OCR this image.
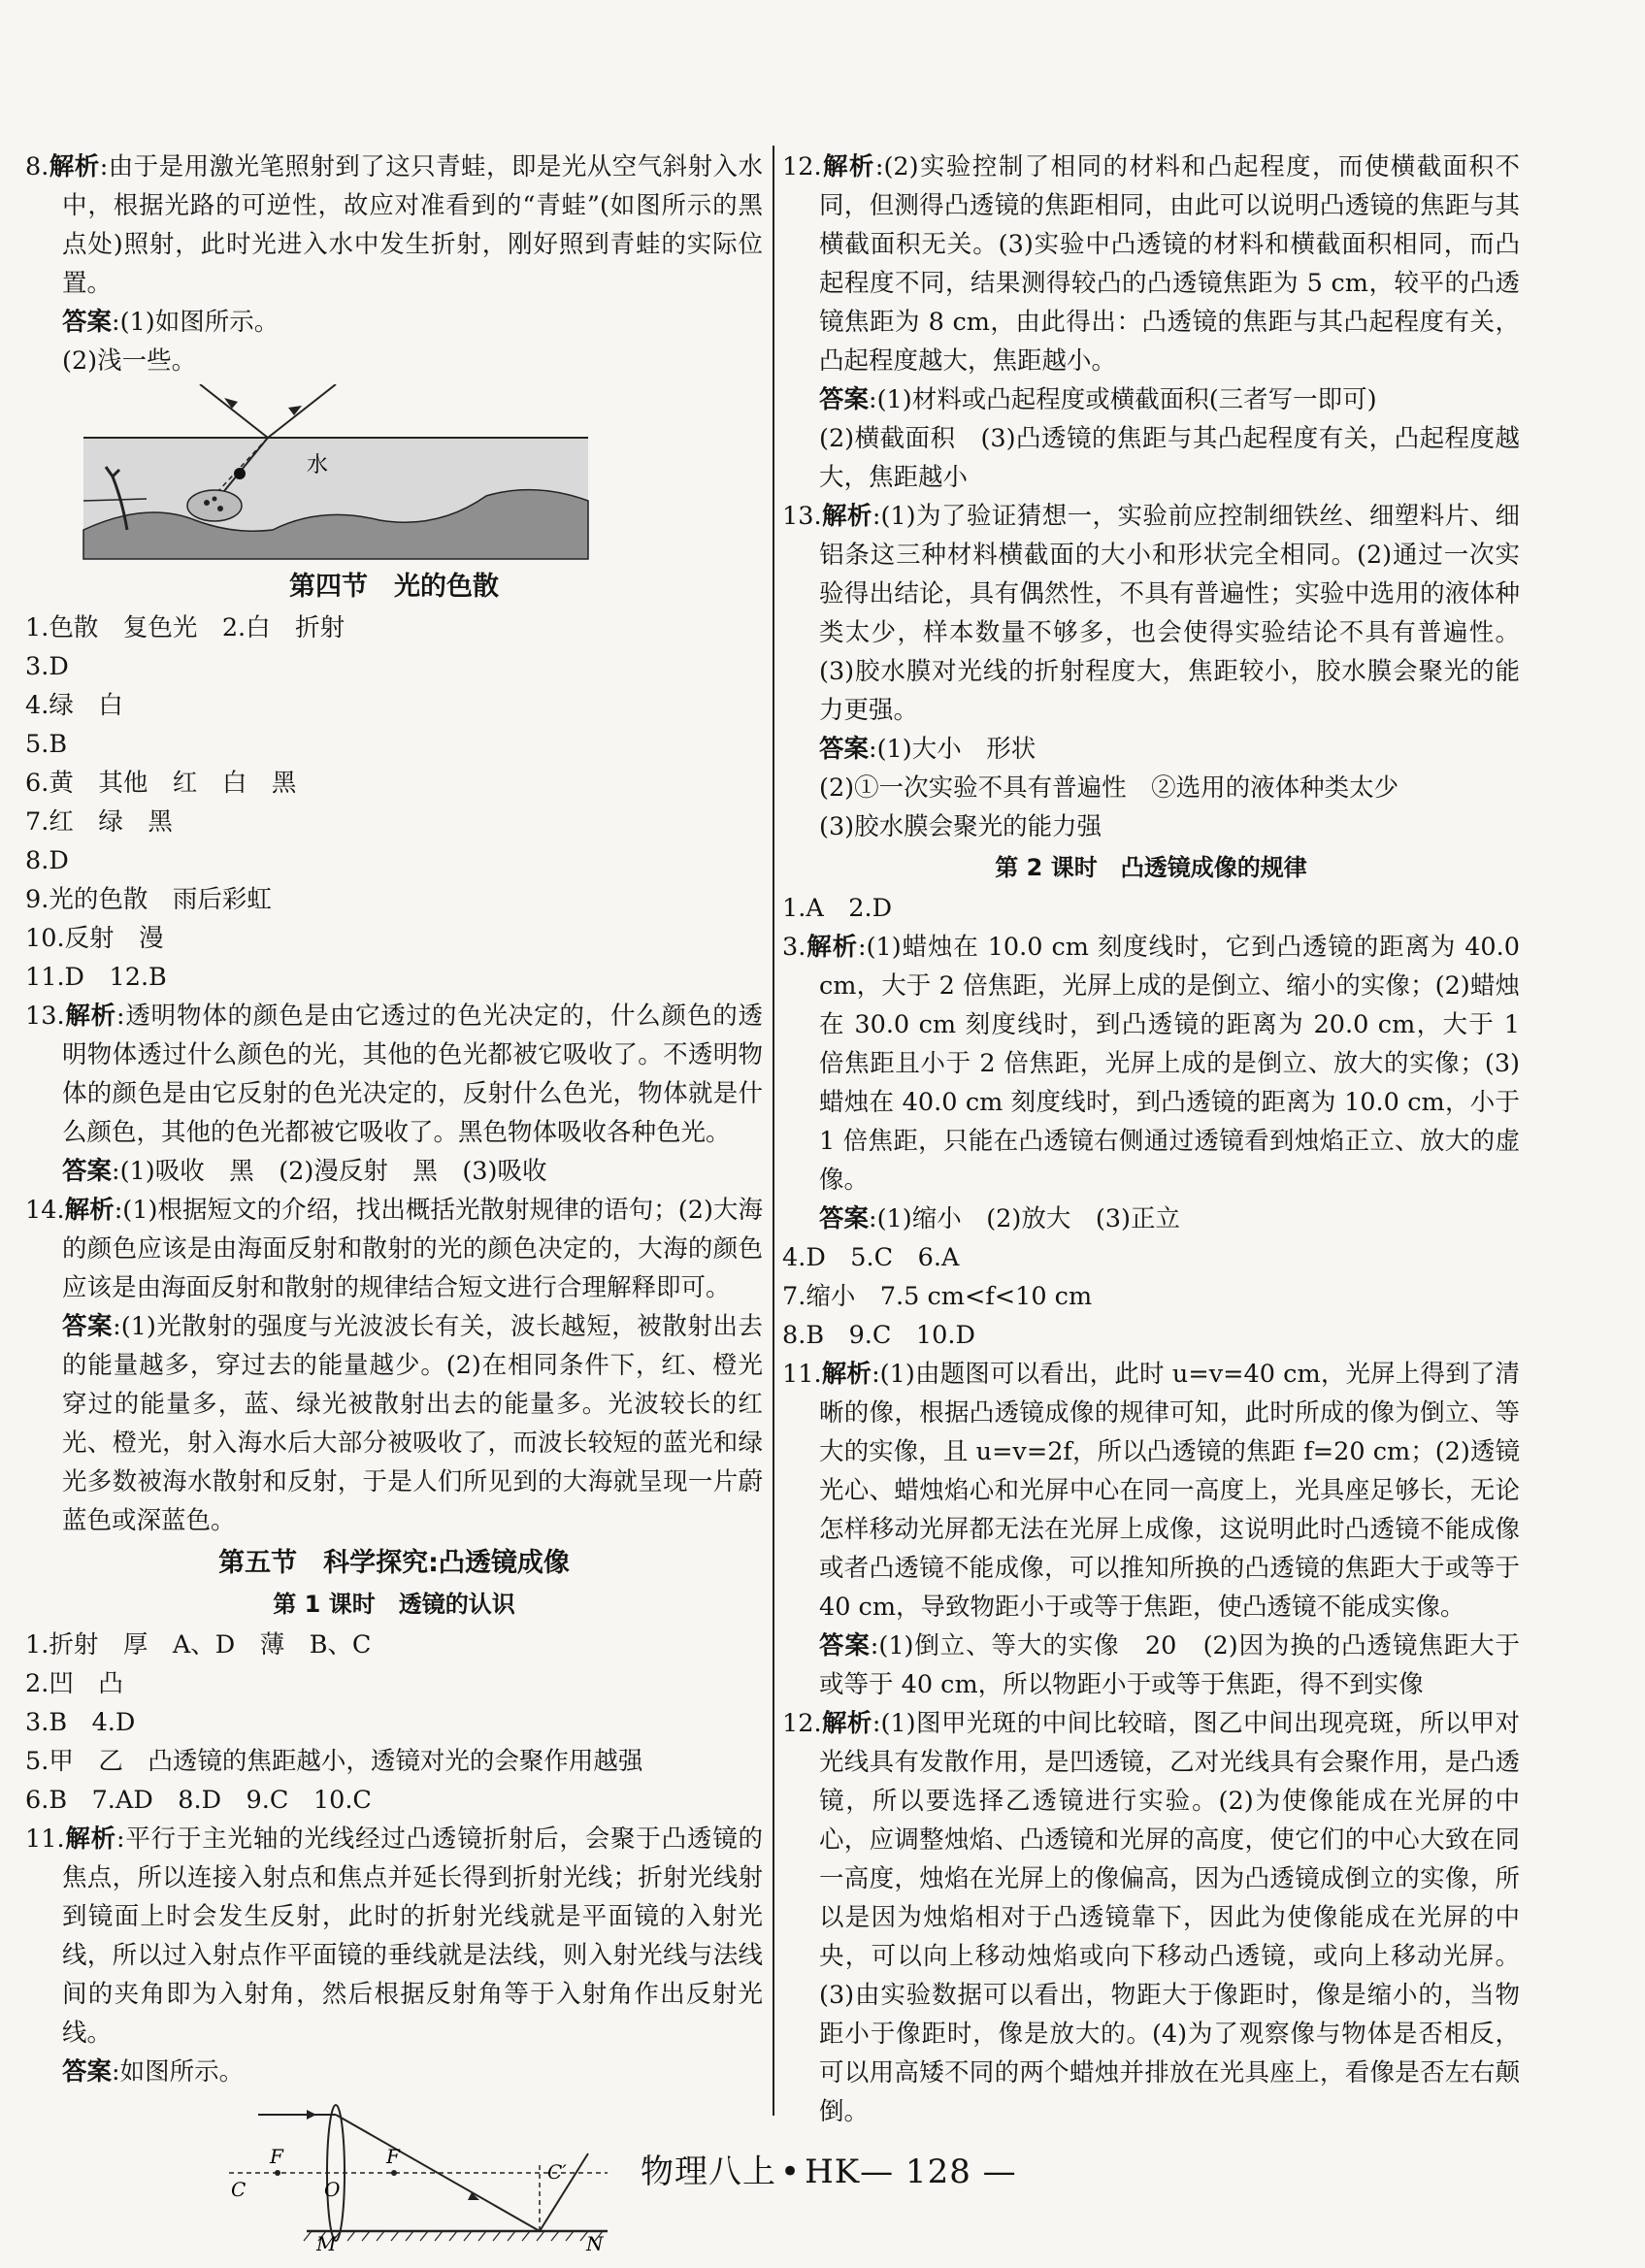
8.解析:由于是用激光笔照射到了这只青蛙，即是光从空气斜射入水中，根据光路的可逆性，故应对准看到的“青蛙”(如图所示的黑点处)照射，此时光进入水中发生折射，刚好照到青蛙的实际位置。

答案:(1)如图所示。

(2)浅一些。

水
第四节　光的色散

1.色散　复色光　2.白　折射

3.D

4.绿　白

5.B

6.黄　其他　红　白　黑

7.红　绿　黑

8.D

9.光的色散　雨后彩虹

10.反射　漫

11.D　12.B

13.解析:透明物体的颜色是由它透过的色光决定的，什么颜色的透明物体透过什么颜色的光，其他的色光都被它吸收了。不透明物体的颜色是由它反射的色光决定的，反射什么色光，物体就是什么颜色，其他的色光都被它吸收了。黑色物体吸收各种色光。

答案:(1)吸收　黑　(2)漫反射　黑　(3)吸收

14.解析:(1)根据短文的介绍，找出概括光散射规律的语句；(2)大海的颜色应该是由海面反射和散射的光的颜色决定的，大海的颜色应该是由海面反射和散射的规律结合短文进行合理解释即可。

答案:(1)光散射的强度与光波波长有关，波长越短，被散射出去的能量越多，穿过去的能量越少。(2)在相同条件下，红、橙光穿过的能量多，蓝、绿光被散射出去的能量多。光波较长的红光、橙光，射入海水后大部分被吸收了，而波长较短的蓝光和绿光多数被海水散射和反射，于是人们所见到的大海就呈现一片蔚蓝色或深蓝色。

第五节　科学探究:凸透镜成像
第 1 课时　透镜的认识

1.折射　厚　A、D　薄　B、C

2.凹　凸

3.B　4.D

5.甲　乙　凸透镜的焦距越小，透镜对光的会聚作用越强

6.B　7.AD　8.D　9.C　10.C

11.解析:平行于主光轴的光线经过凸透镜折射后，会聚于凸透镜的焦点，所以连接入射点和焦点并延长得到折射光线；折射光线射到镜面上时会发生反射，此时的折射光线就是平面镜的入射光线，所以过入射点作平面镜的垂线就是法线，则入射光线与法线间的夹角即为入射角，然后根据反射角等于入射角作出反射光线。

答案:如图所示。

F	F
C	O
C′
M	N

12.解析:(2)实验控制了相同的材料和凸起程度，而使横截面积不同，但测得凸透镜的焦距相同，由此可以说明凸透镜的焦距与其横截面积无关。(3)实验中凸透镜的材料和横截面积相同，而凸起程度不同，结果测得较凸的凸透镜焦距为 5 cm，较平的凸透镜焦距为 8 cm，由此得出：凸透镜的焦距与其凸起程度有关，凸起程度越大，焦距越小。

答案:(1)材料或凸起程度或横截面积(三者写一即可)

(2)横截面积　(3)凸透镜的焦距与其凸起程度有关，凸起程度越大，焦距越小

13.解析:(1)为了验证猜想一，实验前应控制细铁丝、细塑料片、细铝条这三种材料横截面的大小和形状完全相同。(2)通过一次实验得出结论，具有偶然性，不具有普遍性；实验中选用的液体种类太少，样本数量不够多，也会使得实验结论不具有普遍性。(3)胶水膜对光线的折射程度大，焦距较小，胶水膜会聚光的能力更强。

答案:(1)大小　形状

(2)①一次实验不具有普遍性　②选用的液体种类太少

(3)胶水膜会聚光的能力强

第 2 课时　凸透镜成像的规律

1.A　2.D

3.解析:(1)蜡烛在 10.0 cm 刻度线时，它到凸透镜的距离为 40.0 cm，大于 2 倍焦距，光屏上成的是倒立、缩小的实像；(2)蜡烛在 30.0 cm 刻度线时，到凸透镜的距离为 20.0 cm，大于 1 倍焦距且小于 2 倍焦距，光屏上成的是倒立、放大的实像；(3)蜡烛在 40.0 cm 刻度线时，到凸透镜的距离为 10.0 cm，小于 1 倍焦距，只能在凸透镜右侧通过透镜看到烛焰正立、放大的虚像。

答案:(1)缩小　(2)放大　(3)正立

4.D　5.C　6.A

7.缩小　7.5 cm<f<10 cm

8.B　9.C　10.D

11.解析:(1)由题图可以看出，此时 u=v=40 cm，光屏上得到了清晰的像，根据凸透镜成像的规律可知，此时所成的像为倒立、等大的实像，且 u=v=2f，所以凸透镜的焦距 f=20 cm；(2)透镜光心、蜡烛焰心和光屏中心在同一高度上，光具座足够长，无论怎样移动光屏都无法在光屏上成像，这说明此时凸透镜不能成像或者凸透镜不能成像，可以推知所换的凸透镜的焦距大于或等于 40 cm，导致物距小于或等于焦距，使凸透镜不能成实像。

答案:(1)倒立、等大的实像　20　(2)因为换的凸透镜焦距大于或等于 40 cm，所以物距小于或等于焦距，得不到实像

12.解析:(1)图甲光斑的中间比较暗，图乙中间出现亮斑，所以甲对光线具有发散作用，是凹透镜，乙对光线具有会聚作用，是凸透镜，所以要选择乙透镜进行实验。(2)为使像能成在光屏的中心，应调整烛焰、凸透镜和光屏的高度，使它们的中心大致在同一高度，烛焰在光屏上的像偏高，因为凸透镜成倒立的实像，所以是因为烛焰相对于凸透镜靠下，因此为使像能成在光屏的中央，可以向上移动烛焰或向下移动凸透镜，或向上移动光屏。(3)由实验数据可以看出，物距大于像距时，像是缩小的，当物距小于像距时，像是放大的。(4)为了观察像与物体是否相反，可以用高矮不同的两个蜡烛并排放在光具座上，看像是否左右颠倒。

物理八上 • HK— 128 —
